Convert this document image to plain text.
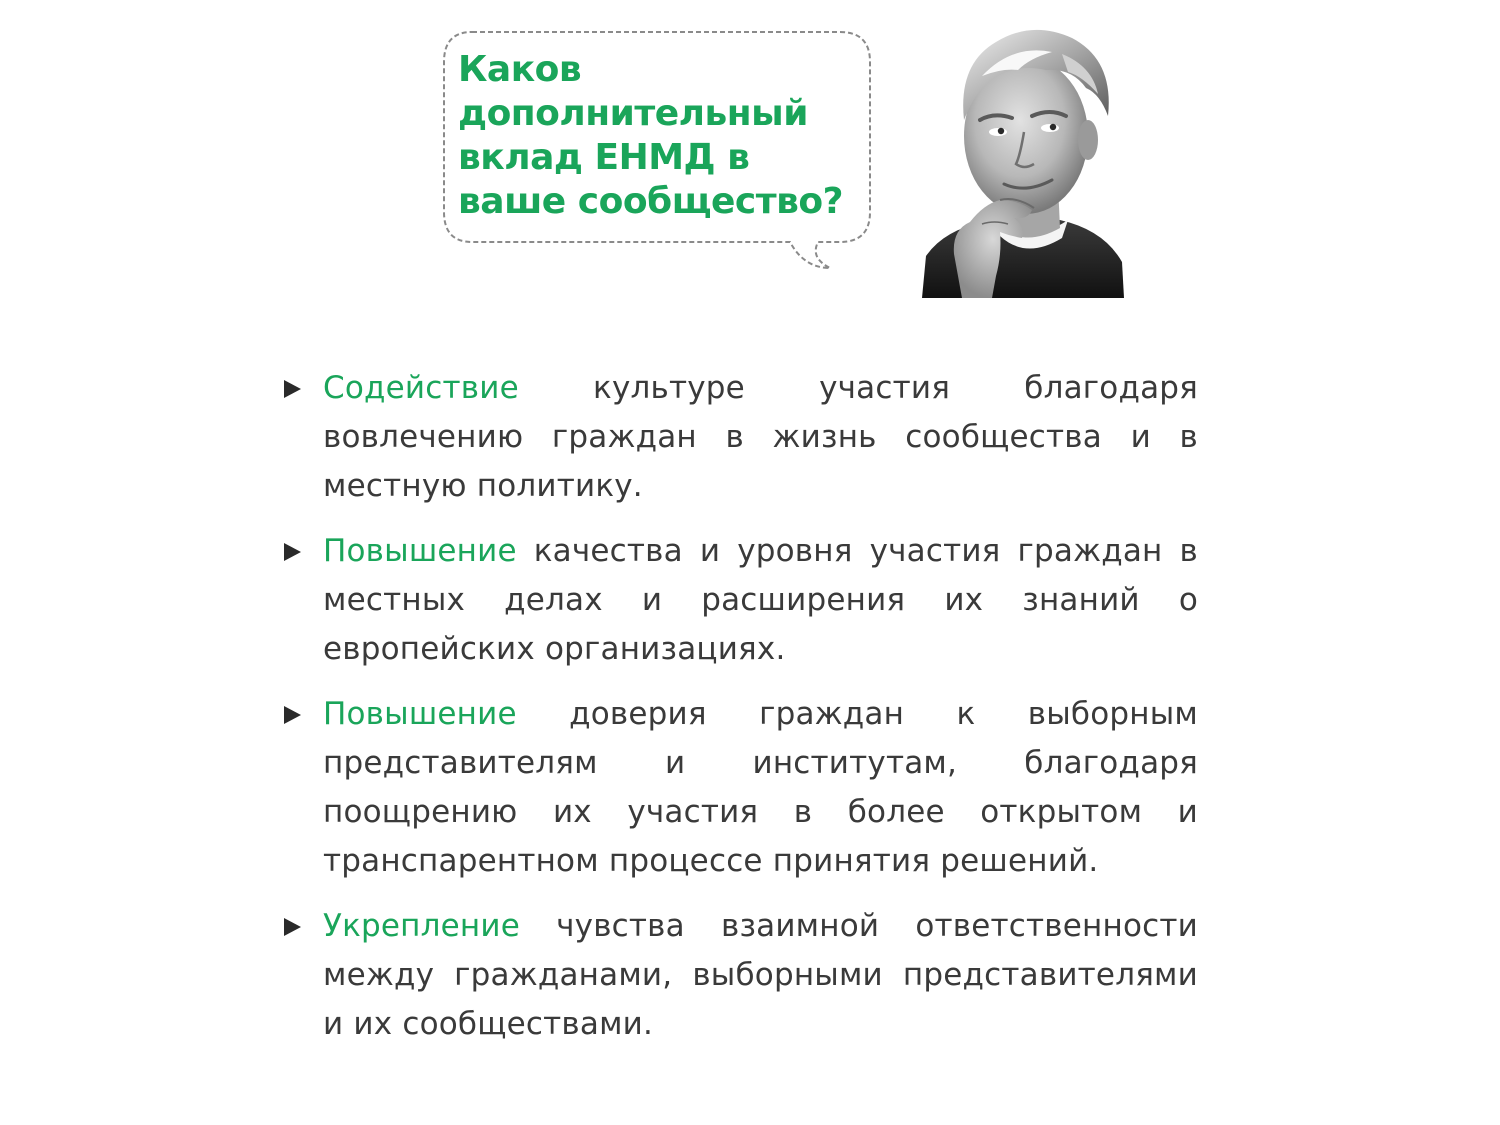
Каков
дополнительный
вклад ЕНМД в
ваше сообщество?

Содействие культуре участия благодаря вовлечению граждан в жизнь сообщества и в местную политику.
Повышение качества и уровня участия граждан в местных делах и расширения их знаний о европейских организациях.
Повышение доверия граждан к выборным представителям и институтам, благодаря поощрению их участия в более открытом и транспарентном процессе принятия решений.
Укрепление чувства взаимной ответственности между гражданами, выборными представителями и их сообществами.
